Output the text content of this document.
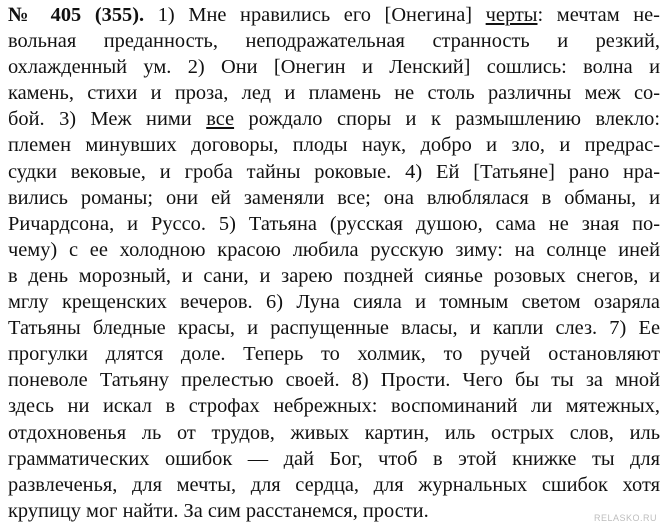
№ 405 (355). 1) Мне нравились его [Онегина] черты: мечтам не-
вольная преданность, неподражательная странность и резкий,
охлажденный ум. 2) Они [Онегин и Ленский] сошлись: волна и
камень, стихи и проза, лед и пламень не столь различны меж со-
бой. 3) Меж ними все рождало споры и к размышлению влекло:
племен минувших договоры, плоды наук, добро и зло, и предрас-
судки вековые, и гроба тайны роковые. 4) Ей [Татьяне] рано нра-
вились романы; они ей заменяли все; она влюблялася в обманы, и
Ричардсона, и Руссо. 5) Татьяна (русская душою, сама не зная по-
чему) с ее холодною красою любила русскую зиму: на солнце иней
в день морозный, и сани, и зарею поздней сиянье розовых снегов, и
мглу крещенских вечеров. 6) Луна сияла и томным светом озаряла
Татьяны бледные красы, и распущенные власы, и капли слез. 7) Ее
прогулки длятся доле. Теперь то холмик, то ручей остановляют
поневоле Татьяну прелестью своей. 8) Прости. Чего бы ты за мной
здесь ни искал в строфах небрежных: воспоминаний ли мятежных,
отдохновенья ль от трудов, живых картин, иль острых слов, иль
грамматических ошибок — дай Бог, чтоб в этой книжке ты для
развлеченья, для мечты, для сердца, для журнальных сшибок хотя
крупицу мог найти. За сим расстанемся, прости.	RELASKO.RU
